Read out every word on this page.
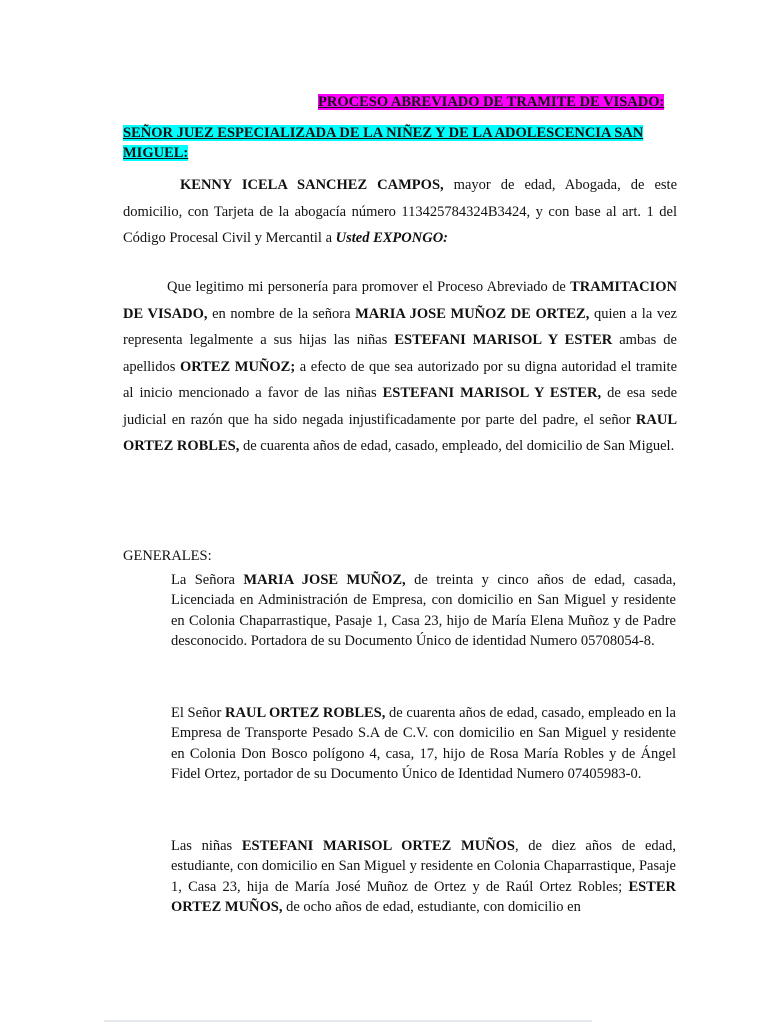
PROCESO ABREVIADO DE TRAMITE DE VISADO:
SEÑOR JUEZ ESPECIALIZADA DE LA NIÑEZ Y DE LA ADOLESCENCIA SAN MIGUEL:
KENNY ICELA SANCHEZ CAMPOS, mayor de edad, Abogada, de este domicilio, con Tarjeta de la abogacía número 113425784324B3424, y con base al art. 1 del Código Procesal Civil y Mercantil a Usted EXPONGO:
Que legitimo mi personería para promover el Proceso Abreviado de TRAMITACION DE VISADO, en nombre de la señora MARIA JOSE MUÑOZ DE ORTEZ, quien a la vez representa legalmente a sus hijas las niñas ESTEFANI MARISOL Y ESTER ambas de apellidos ORTEZ MUÑOZ; a efecto de que sea autorizado por su digna autoridad el tramite al inicio mencionado a favor de las niñas ESTEFANI MARISOL Y ESTER, de esa sede judicial en razón que ha sido negada injustificadamente por parte del padre, el señor RAUL ORTEZ ROBLES, de cuarenta años de edad, casado, empleado, del domicilio de San Miguel.
GENERALES:
La Señora MARIA JOSE MUÑOZ, de treinta y cinco años de edad, casada, Licenciada en Administración de Empresa, con domicilio en San Miguel y residente en Colonia Chaparrastique, Pasaje 1, Casa 23, hijo de María Elena Muñoz y de Padre desconocido. Portadora de su Documento Único de identidad Numero 05708054-8.
El Señor RAUL ORTEZ ROBLES, de cuarenta años de edad, casado, empleado en la Empresa de Transporte Pesado S.A de C.V. con domicilio en San Miguel y residente en Colonia Don Bosco polígono 4, casa, 17, hijo de Rosa María Robles y de Ángel Fidel Ortez, portador de su Documento Único de Identidad Numero 07405983-0.
Las niñas ESTEFANI MARISOL ORTEZ MUÑOS, de diez años de edad, estudiante, con domicilio en San Miguel y residente en Colonia Chaparrastique, Pasaje 1, Casa 23, hija de María José Muñoz de Ortez y de Raúl Ortez Robles; ESTER ORTEZ MUÑOS, de ocho años de edad, estudiante, con domicilio en
